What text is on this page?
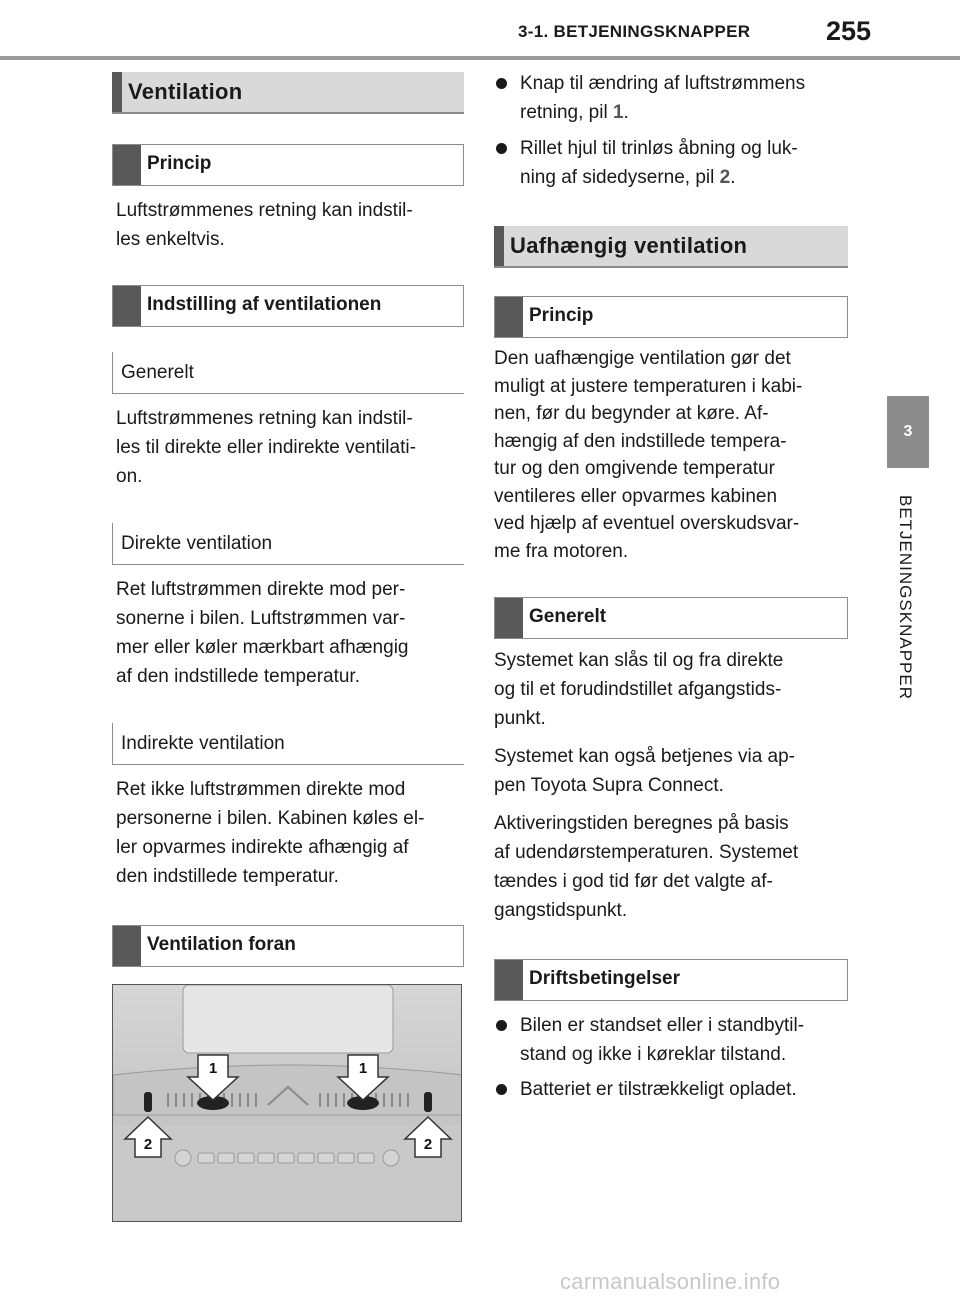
3-1. BETJENINGSKNAPPER	255
3
BETJENINGSKNAPPER
Ventilation
Princip
Luftstrømmenes retning kan indstil-
les enkeltvis.
Indstilling af ventilationen
Generelt
Luftstrømmenes retning kan indstil-
les til direkte eller indirekte ventilati-
on.
Direkte ventilation
Ret luftstrømmen direkte mod per-
sonerne i bilen. Luftstrømmen var-
mer eller køler mærkbart afhængig
af den indstillede temperatur.
Indirekte ventilation
Ret ikke luftstrømmen direkte mod
personerne i bilen. Kabinen køles el-
ler opvarmes indirekte afhængig af
den indstillede temperatur.
Ventilation foran
1	1
2	2
Knap til ændring af luftstrømmens
retning, pil 1.
Rillet hjul til trinløs åbning og luk-
ning af sidedyserne, pil 2.
Uafhængig ventilation
Princip
Den uafhængige ventilation gør det
muligt at justere temperaturen i kabi-
nen, før du begynder at køre. Af-
hængig af den indstillede tempera-
tur og den omgivende temperatur
ventileres eller opvarmes kabinen
ved hjælp af eventuel overskudsvar-
me fra motoren.
Generelt
Systemet kan slås til og fra direkte
og til et forudindstillet afgangstids-
punkt.
Systemet kan også betjenes via ap-
pen Toyota Supra Connect.
Aktiveringstiden beregnes på basis
af udendørstemperaturen. Systemet
tændes i god tid før det valgte af-
gangstidspunkt.
Driftsbetingelser
Bilen er standset eller i standbytil-
stand og ikke i køreklar tilstand.
Batteriet er tilstrækkeligt opladet.
carmanualsonline.info
